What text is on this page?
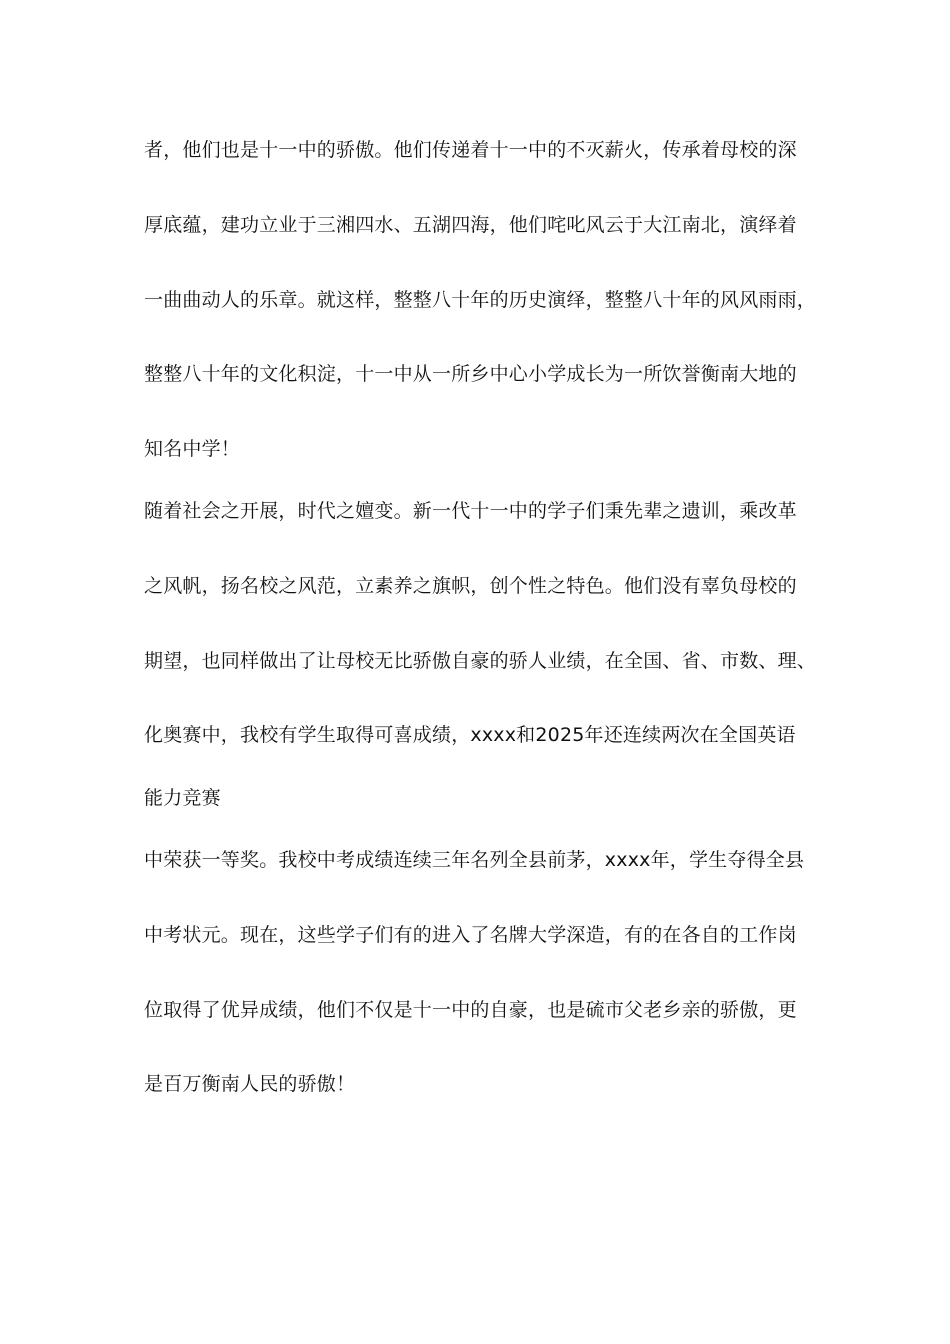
者，他们也是十一中的骄傲。他们传递着十一中的不灭薪火，传承着母校的深
厚底蕴，建功立业于三湘四水、五湖四海，他们咤叱风云于大江南北，演绎着
一曲曲动人的乐章。就这样，整整八十年的历史演绎，整整八十年的风风雨雨，
整整八十年的文化积淀，十一中从一所乡中心小学成长为一所饮誉衡南大地的
知名中学！
随着社会之开展，时代之嬗变。新一代十一中的学子们秉先辈之遗训，乘改革
之风帆，扬名校之风范，立素养之旗帜，创个性之特色。他们没有辜负母校的
期望，也同样做出了让母校无比骄傲自豪的骄人业绩，在全国、省、市数、理、
化奥赛中，我校有学生取得可喜成绩，xxxx和2025年还连续两次在全国英语
能力竞赛
中荣获一等奖。我校中考成绩连续三年名列全县前茅，xxxx年，学生夺得全县
中考状元。现在，这些学子们有的进入了名牌大学深造，有的在各自的工作岗
位取得了优异成绩，他们不仅是十一中的自豪，也是硫市父老乡亲的骄傲，更
是百万衡南人民的骄傲！
